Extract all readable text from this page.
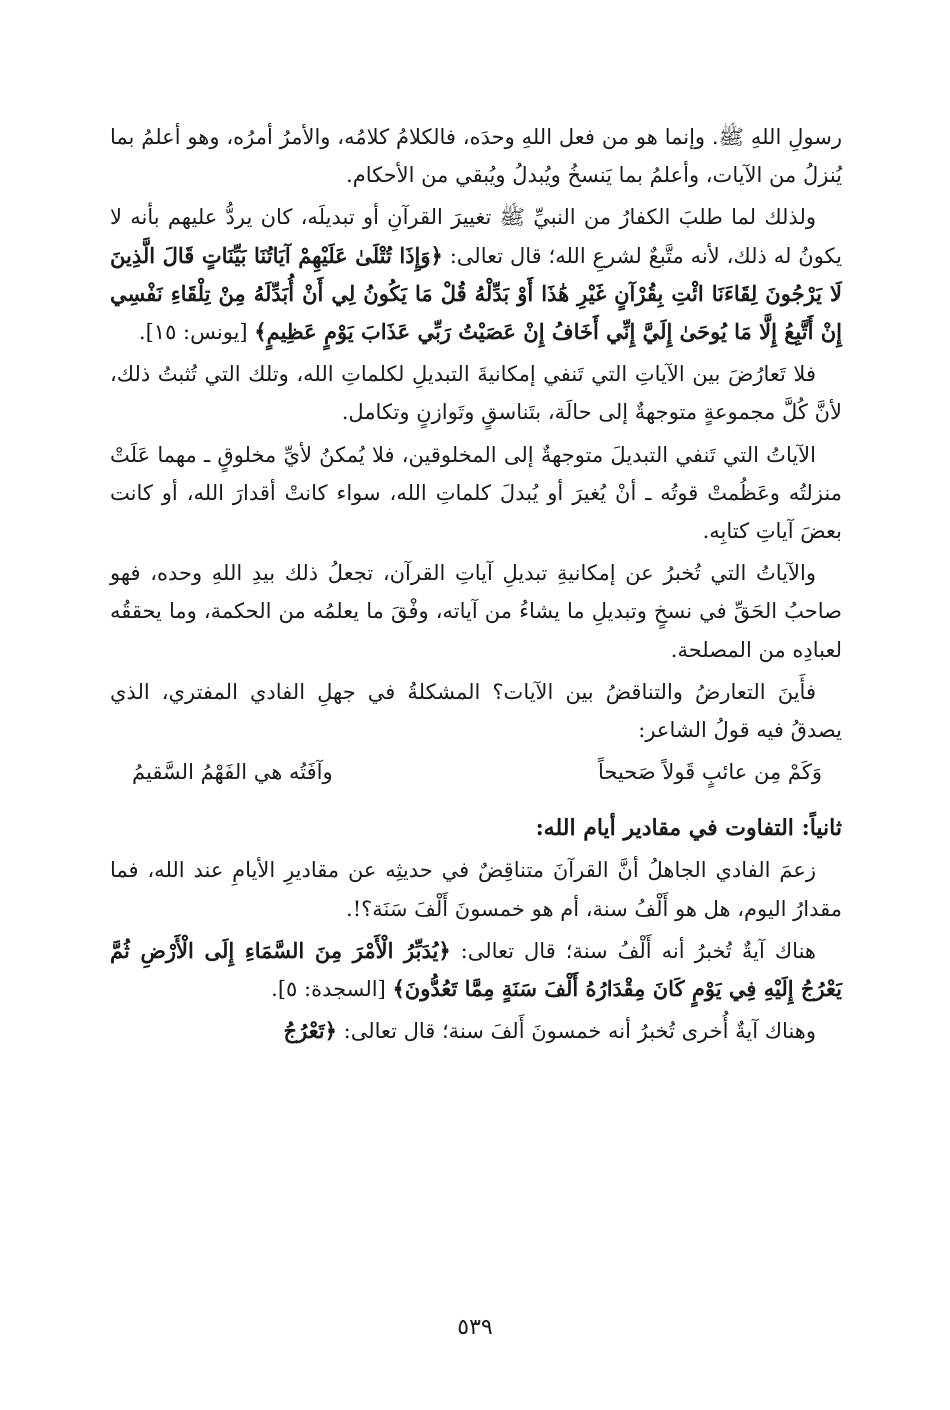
رسولِ اللهِ ﷺ. وإنما هو من فعل اللهِ وحدَه، فالكلامُ كلامُه، والأمرُ أمرُه، وهو أعلمُ بما يُنزلُ من الآيات، وأعلمُ بما يَنسخُ ويُبدلُ ويُبقي من الأحكام.

ولذلك لما طلبَ الكفارُ من النبيِّ ﷺ تغييرَ القرآنِ أو تبديلَه، كان يردُّ عليهم بأنه لا يكونُ له ذلك، لأنه متَّبعٌ لشرعِ الله؛ قال تعالى: ﴿وَإِذَا تُتْلَىٰ عَلَيْهِمْ آيَاتُنَا بَيِّنَاتٍ قَالَ الَّذِينَ لَا يَرْجُونَ لِقَاءَنَا ائْتِ بِقُرْآنٍ غَيْرِ هَٰذَا أَوْ بَدِّلْهُ قُلْ مَا يَكُونُ لِي أَنْ أُبَدِّلَهُ مِنْ تِلْقَاءِ نَفْسِي إِنْ أَتَّبِعُ إِلَّا مَا يُوحَىٰ إِلَيَّ إِنِّي أَخَافُ إِنْ عَصَيْتُ رَبِّي عَذَابَ يَوْمٍ عَظِيمٍ﴾ [يونس: ١٥].

فلا تَعارُضَ بين الآياتِ التي تَنفي إمكانيةَ التبديلِ لكلماتِ الله، وتلك التي تُثبتُ ذلك، لأنَّ كُلَّ مجموعةٍ متوجهةٌ إلى حالَة، بتَناسقٍ وتَوازنٍ وتكامل.

الآياتُ التي تَنفي التبديلَ متوجهةٌ إلى المخلوقين، فلا يُمكنُ لأيِّ مخلوقٍ ـ مهما عَلَتْ منزلتُه وعَظُمتْ قوتُه ـ أنْ يُغيرَ أو يُبدلَ كلماتِ الله، سواء كانتْ أقدارَ الله، أو كانت بعضَ آياتِ كتابِه.

والآياتُ التي تُخبرُ عن إمكانيةِ تبديلِ آياتِ القرآن، تجعلُ ذلك بيدِ اللهِ وحده، فهو صاحبُ الحَقِّ في نسخٍ وتبديلِ ما يشاءُ من آياته، وفْقَ ما يعلمُه من الحكمة، وما يحققُه لعبادِه من المصلحة.

فأَينَ التعارضُ والتناقضُ بين الآيات؟ المشكلةُ في جهلِ الفادي المفتري، الذي يصدقُ فيه قولُ الشاعر:

وَكَمْ مِن عائبٍ قَولاً صَحيحاً
وآفَتُه هي الفَهْمُ السَّقيمُ

ثانياً: التفاوت في مقادير أيام الله:

زعمَ الفادي الجاهلُ أنَّ القرآنَ متناقِضٌ في حديثِه عن مقاديرِ الأيامِ عند الله، فما مقدارُ اليوم، هل هو أَلْفُ سنة، أم هو خمسونَ أَلْفَ سَنَة؟!.

هناك آيةٌ تُخبرُ أنه أَلْفُ سنة؛ قال تعالى: ﴿يُدَبِّرُ الْأَمْرَ مِنَ السَّمَاءِ إِلَى الْأَرْضِ ثُمَّ يَعْرُجُ إِلَيْهِ فِي يَوْمٍ كَانَ مِقْدَارُهُ أَلْفَ سَنَةٍ مِمَّا تَعُدُّونَ﴾ [السجدة: ٥].

وهناك آيةٌ أُخرى تُخبرُ أنه خمسونَ أَلفَ سنة؛ قال تعالى: ﴿تَعْرُجُ

٥٣٩
